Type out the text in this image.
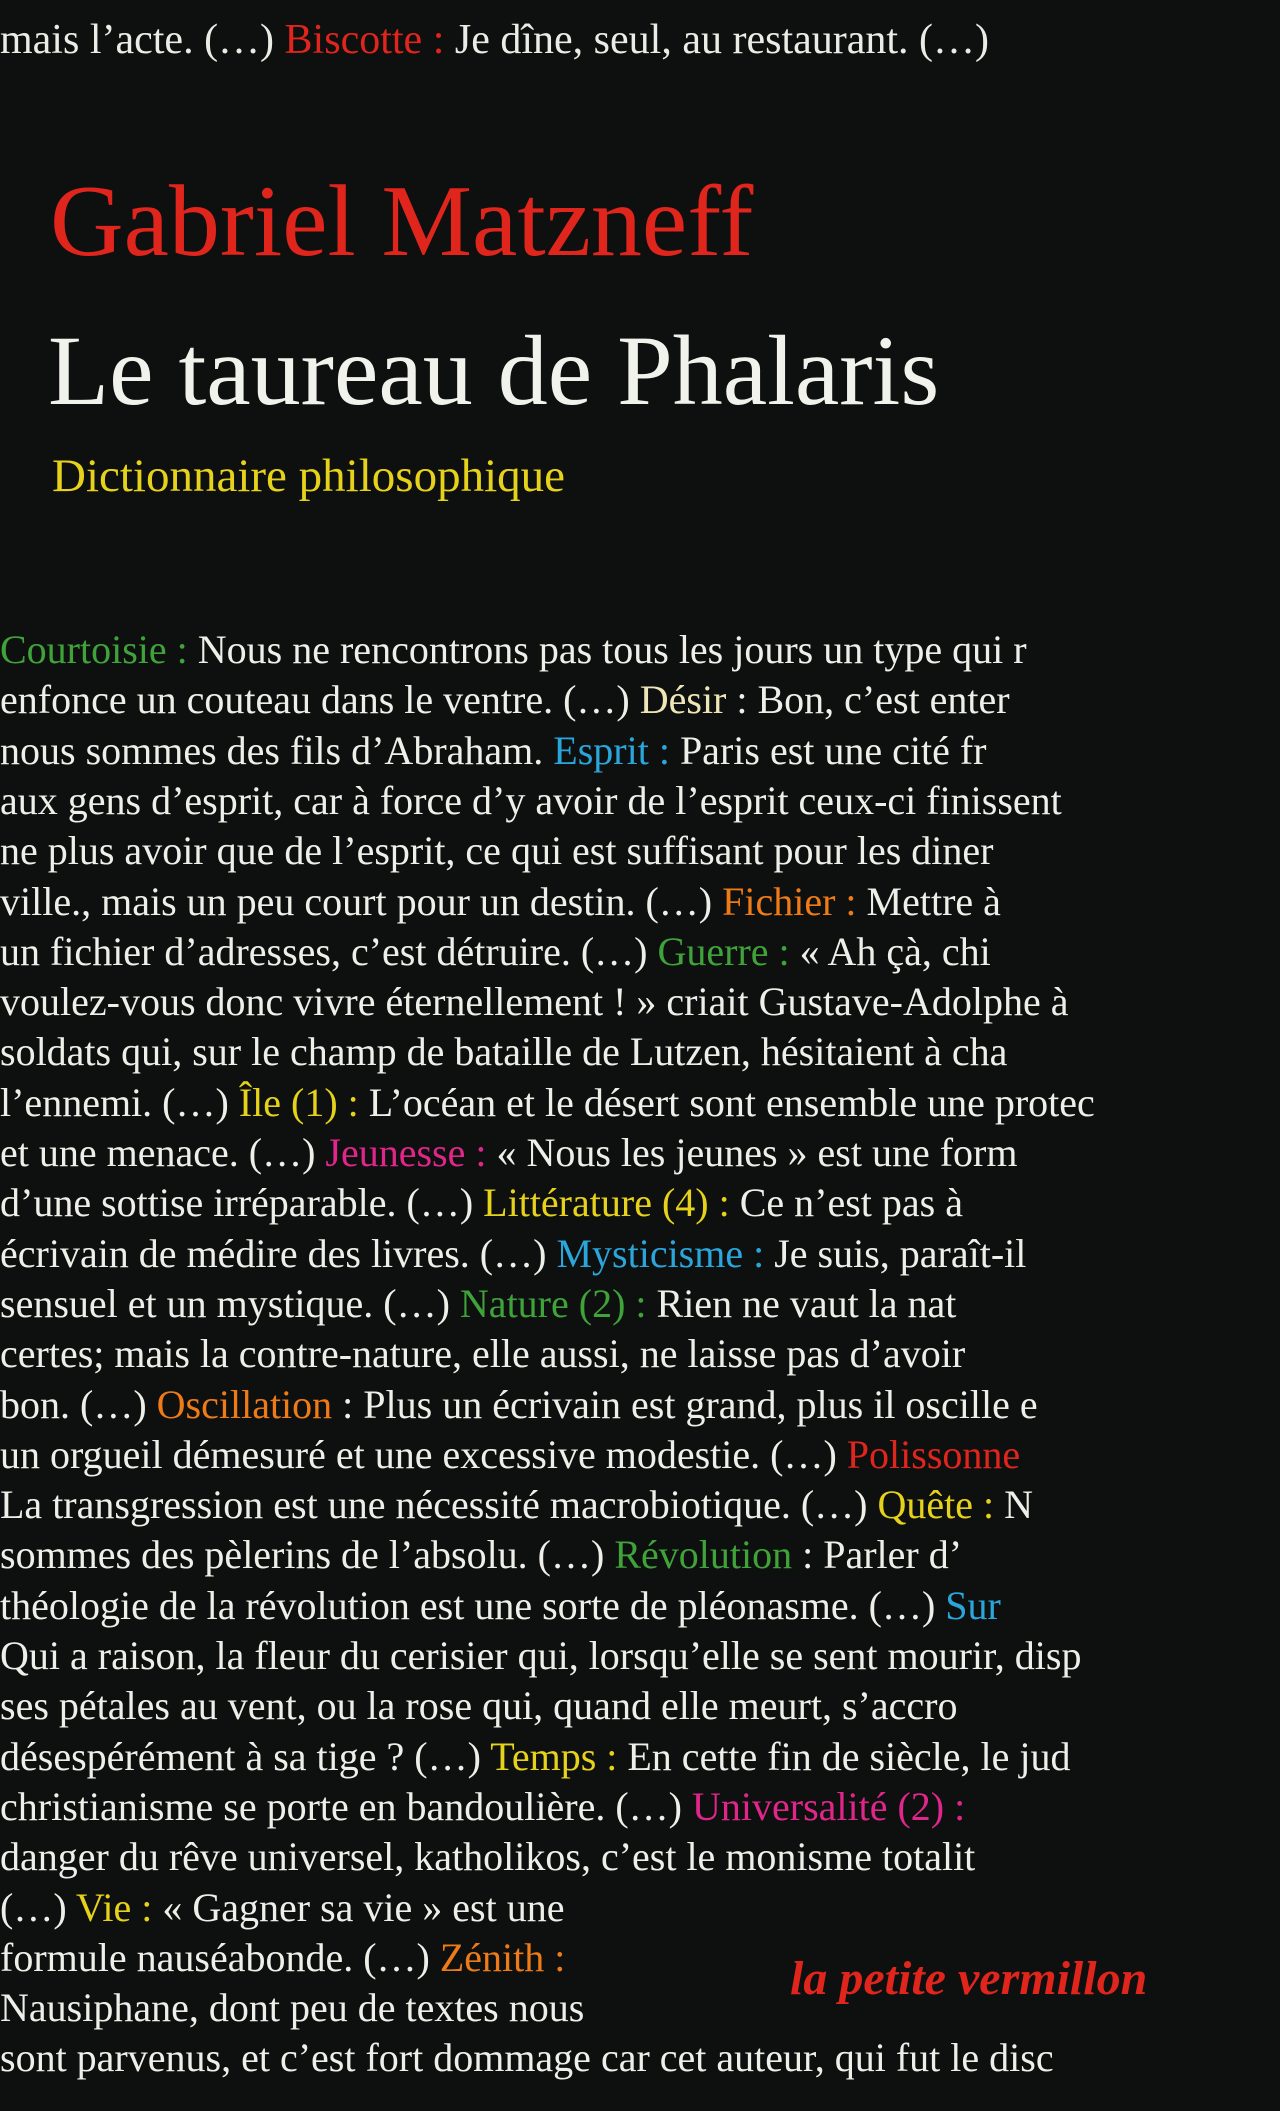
mais l’acte. (…) Biscotte : Je dîne, seul, au restaurant. (…)
Gabriel Matzneff
Le taureau de Phalaris
Dictionnaire philosophique
Courtoisie : Nous ne rencontrons pas tous les jours un type qui r
enfonce un couteau dans le ventre. (…) Désir : Bon, c’est enter
nous sommes des fils d’Abraham. Esprit : Paris est une cité fr
aux gens d’esprit, car à force d’y avoir de l’esprit ceux-ci finissent
ne plus avoir que de l’esprit, ce qui est suffisant pour les diner
ville., mais un peu court pour un destin. (…) Fichier : Mettre à
un fichier d’adresses, c’est détruire. (…) Guerre : « Ah çà, chi
voulez-vous donc vivre éternellement ! » criait Gustave-Adolphe à
soldats qui, sur le champ de bataille de Lutzen, hésitaient à cha
l’ennemi. (…) Île (1) : L’océan et le désert sont ensemble une protec
et une menace. (…) Jeunesse : « Nous les jeunes » est une form
d’une sottise irréparable. (…) Littérature (4) : Ce n’est pas à
écrivain de médire des livres. (…) Mysticisme : Je suis, paraît-il
sensuel et un mystique. (…) Nature (2) : Rien ne vaut la nat
certes; mais la contre-nature, elle aussi, ne laisse pas d’avoir
bon. (…) Oscillation : Plus un écrivain est grand, plus il oscille e
un orgueil démesuré et une excessive modestie. (…) Polissonne
La transgression est une nécessité macrobiotique. (…) Quête : N
sommes des pèlerins de l’absolu. (…) Révolution : Parler d’
théologie de la révolution est une sorte de pléonasme. (…) Sur
Qui a raison, la fleur du cerisier qui, lorsqu’elle se sent mourir, disp
ses pétales au vent, ou la rose qui, quand elle meurt, s’accro
désespérément à sa tige ? (…) Temps : En cette fin de siècle, le jud
christianisme se porte en bandoulière. (…) Universalité (2) :
danger du rêve universel, katholikos, c’est le monisme totalit
(…) Vie : « Gagner sa vie » est une
formule nauséabonde. (…) Zénith :
Nausiphane, dont peu de textes nous
sont parvenus, et c’est fort dommage car cet auteur, qui fut le disc
la petite vermillon
